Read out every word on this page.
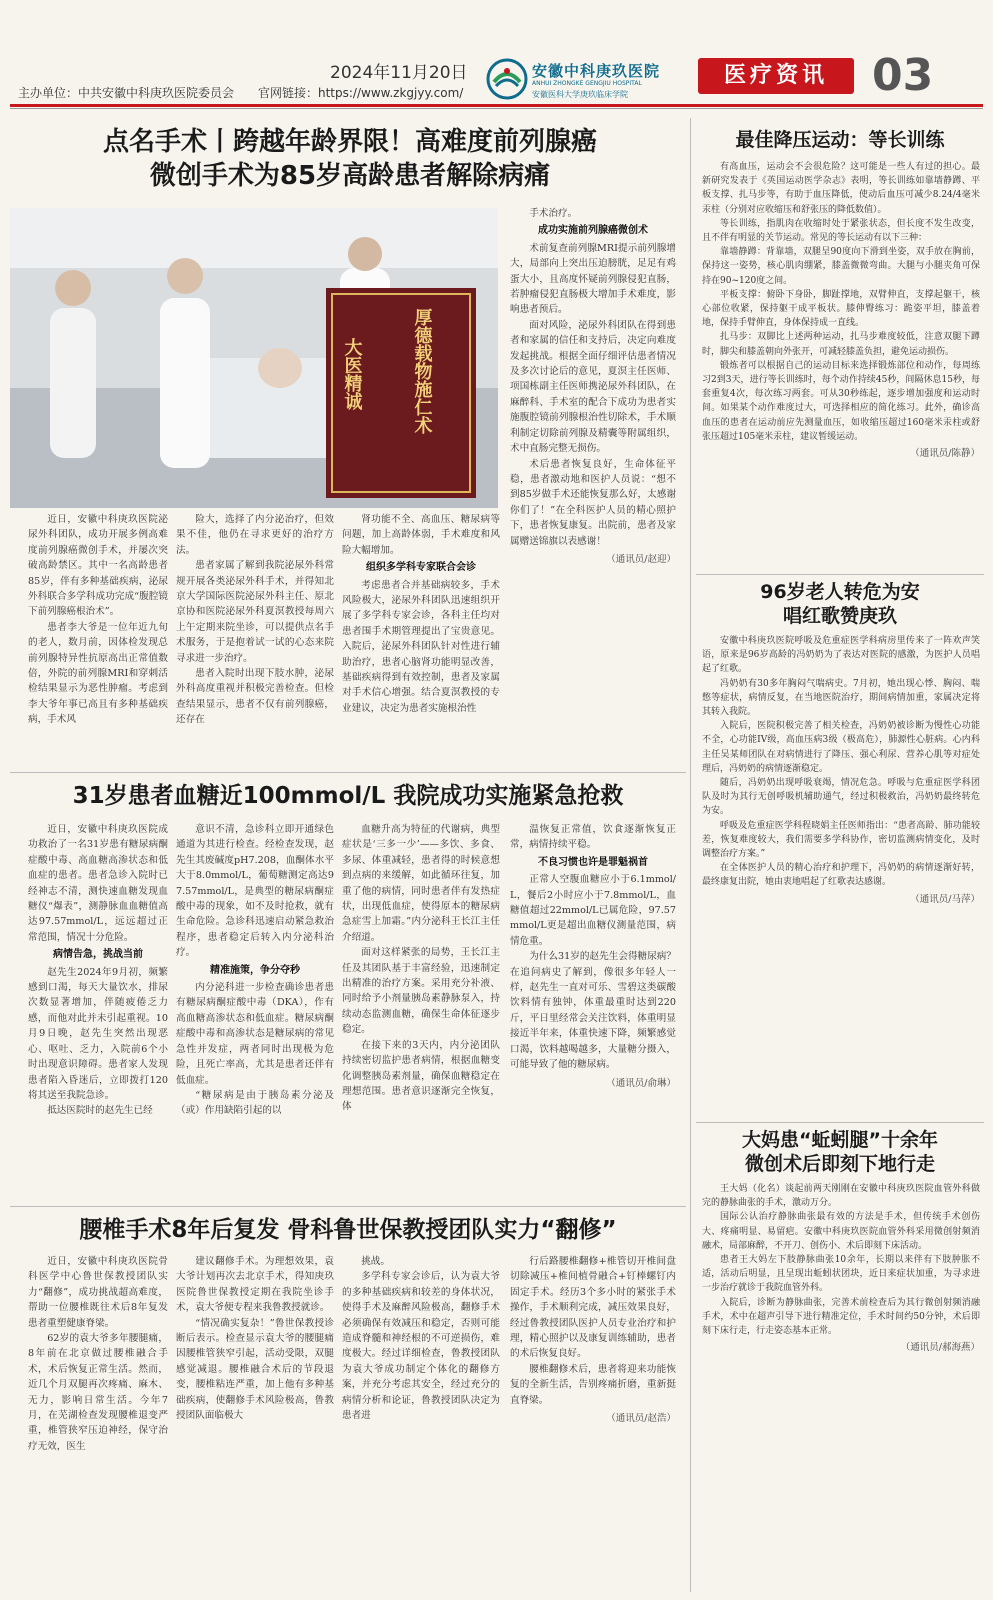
2024年11月20日
主办单位：中共安徽中科庚玖医院委员会 官网链接：https://www.zkgjyy.com/
安徽中科庚玖医院
ANHUI ZHONGKE GENGJIU HOSPITAL
安徽医科大学庚玖临床学院
医疗资讯	03
点名手术丨跨越年龄界限！高难度前列腺癌
微创手术为85岁高龄患者解除病痛
大医精诚	厚德载物施仁术

近日，安徽中科庚玖医院泌尿外科团队，成功开展多例高难度前列腺癌微创手术，并屡次突破高龄禁区。其中一名高龄患者85岁，伴有多种基础疾病，泌尿外科联合多学科成功完成“腹腔镜下前列腺癌根治术”。

患者李大爷是一位年近九旬的老人，数月前，因体检发现总前列腺特异性抗原高出正常值数倍，外院的前列腺MRI和穿刺活检结果显示为恶性肿瘤。考虑到李大爷年事已高且有多种基础疾病，手术风

险大，选择了内分泌治疗，但效果不佳，他仍在寻求更好的治疗方法。

患者家属了解到我院泌尿外科常规开展各类泌尿外科手术，并得知北京大学国际医院泌尿外科主任、原北京协和医院泌尿外科夏溟教授每周六上午定期来院坐诊，可以提供点名手术服务，于是抱着试一试的心态来院寻求进一步治疗。

患者入院时出现下肢水肿，泌尿外科高度重视并积极完善检查。但检查结果显示，患者不仅有前列腺癌，还存在

肾功能不全、高血压、糖尿病等问题，加上高龄体弱，手术难度和风险大幅增加。

组织多学科专家联合会诊

考虑患者合并基础病较多，手术风险极大，泌尿外科团队迅速组织开展了多学科专家会诊，各科主任均对患者围手术期管理提出了宝贵意见。入院后，泌尿外科团队针对性进行辅助治疗，患者心脑肾功能明显改善，基础疾病得到有效控制，患者及家属对手术信心增强。结合夏溟教授的专业建议，决定为患者实施根治性

手术治疗。

成功实施前列腺癌微创术

术前复查前列腺MRI提示前列腺增大，局部向上突出压迫膀胱，足足有鸡蛋大小，且高度怀疑前列腺侵犯直肠，若肿瘤侵犯直肠极大增加手术难度，影响患者预后。

面对风险，泌尿外科团队在得到患者和家属的信任和支持后，决定向难度发起挑战。根据全面仔细评估患者情况及多次讨论后的意见，夏溟主任医师、项国栋副主任医师携泌尿外科团队，在麻醉科、手术室的配合下成功为患者实施腹腔镜前列腺根治性切除术，手术顺利制定切除前列腺及精囊等附属组织，术中直肠完整无损伤。

术后患者恢复良好，生命体征平稳，患者激动地和医护人员说：“想不到85岁做手术还能恢复那么好，太感谢你们了！”在全科医护人员的精心照护下，患者恢复康复。出院前，患者及家属赠送锦旗以表感谢！

（通讯员/赵迎）

31岁患者血糖近100mmol/L 我院成功实施紧急抢救

近日，安徽中科庚玖医院成功救治了一名31岁患有糖尿病酮症酸中毒、高血糖高渗状态和低血症的患者。患者急诊入院时已经神志不清，测快速血糖发现血糖仪“爆表”，测静脉血血糖值高达97.57mmol/L，远远超过正常范围，情况十分危险。

病情告急，挑战当前

赵先生2024年9月初，频繁感到口渴，每天大量饮水，排尿次数显著增加，伴随疲倦乏力感，而他对此并未引起重视。10月9日晚，赵先生突然出现恶心、呕吐、乏力，入院前6个小时出现意识障碍。患者家人发现患者陷入昏迷后，立即拨打120将其送至我院急诊。

抵达医院时的赵先生已经

意识不清，急诊科立即开通绿色通道为其进行检查。经检查发现，赵先生其废碱度pH7.208，血酮体水平大于8.0mmol/L，葡萄糖测定高达97.57mmol/L，是典型的糖尿病酮症酸中毒的现象，如不及时抢救，就有生命危险。急诊科迅速启动紧急救治程序，患者稳定后转入内分泌科治疗。

精准施策，争分夺秒

内分泌科进一步检查确诊患者患有糖尿病酮症酸中毒（DKA），作有高血糖高渗状态和低血症。糖尿病酮症酸中毒和高渗状态是糖尿病的常见急性并发症，两者同时出现极为危险，且死亡率高，尤其是患者还伴有低血症。

“糖尿病是由于胰岛素分泌及（或）作用缺陷引起的以

血糖升高为特征的代谢病，典型症状是‘三多一少’——多饮、多食、多尿、体重减轻，患者得的时候意想到点病的来缓解，如此循环往复，加重了他的病情，同时患者伴有发热症状，出现低血症，使得原本的糖尿病急症雪上加霜。”内分泌科王长江主任介绍道。

面对这样紧张的局势，王长江主任及其团队基于丰富经验，迅速制定出精准的治疗方案。采用充分补液、同时给予小剂量胰岛素静脉泵入，持续动态监测血糖，确保生命体征逐步稳定。

在接下来的3天内，内分泌团队持续密切监护患者病情，根据血糖变化调整胰岛素剂量，确保血糖稳定在理想范围。患者意识逐渐完全恢复，体

温恢复正常值，饮食逐渐恢复正常，病情持续平稳。

不良习惯也许是罪魁祸首

正常人空腹血糖应小于6.1mmol/L，餐后2小时应小于7.8mmol/L，血糖值超过22mmol/L已属危险，97.57mmol/L更是超出血糖仪测量范围，病情危重。

为什么31岁的赵先生会得糖尿病？在追问病史了解到，像很多年轻人一样，赵先生一直对可乐、雪碧这类碳酸饮料情有独钟，体重最重时达到220斤，平日里经常会关注饮料，体重明显接近半年来，体重快速下降，频繁感觉口渴，饮料越喝越多，大量糖分摄入，可能导致了他的糖尿病。

（通讯员/俞琳）

腰椎手术8年后复发 骨科鲁世保教授团队实力“翻修”

近日，安徽中科庚玖医院骨科医学中心鲁世保教授团队实力“翻修”，成功挑战超高难度，帮助一位腰椎既往术后8年复发患者重塑健康脊梁。

62岁的袁大爷多年腰腿痛，8年前在北京做过腰椎融合手术，术后恢复正常生活。然而，近几个月双腿再次疼痛、麻木、无力，影响日常生活。今年7月，在芜湖检查发现腰椎退变严重，椎管狭窄压迫神经，保守治疗无效，医生

建议翻修手术。为理想效果，袁大爷计划再次去北京手术，得知庚玖医院鲁世保教授定期在我院坐诊手术，袁大爷便专程来我鲁教授就诊。

“情况确实复杂！”鲁世保教授诊断后表示。检查显示袁大爷的腰腿痛因腰椎管狭窄引起，活动受限，双腿感觉减退。腰椎融合术后的节段退变，腰椎粘连严重，加上他有多种基础疾病，使翻修手术风险极高，鲁教授团队面临极大

挑战。

多学科专家会诊后，认为袁大爷的多种基础疾病和较差的身体状况，使得手术及麻醉风险极高，翻修手术必须确保有效减压和稳定，否则可能造成脊髓和神经根的不可逆损伤，难度极大。经过详细检查，鲁教授团队为袁大爷成功制定个体化的翻修方案，并充分考虑其安全，经过充分的病情分析和论证，鲁教授团队决定为患者进

行后路腰椎翻修+椎管切开椎间盘切除减压+椎间植骨融合+钉棒螺钉内固定手术。经历3个多小时的紧张手术操作，手术顺利完成，减压效果良好，经过鲁教授团队医护人员专业治疗和护理，精心照护以及康复训练辅助，患者的术后恢复良好。

腰椎翻修术后，患者将迎来功能恢复的全新生活，告别疼痛折磨，重新挺直脊梁。

（通讯员/赵浩）

最佳降压运动：等长训练

有高血压，运动会不会很危险？这可能是一些人有过的担心。最新研究发表于《英国运动医学杂志》表明，等长训练如靠墙静蹲、平板支撑、扎马步等，有助于血压降低，使动后血压可减少8.24/4毫米汞柱（分别对应收缩压和舒张压的降低数值）。

等长训练，指肌肉在收缩时处于紧张状态，但长度不发生改变，且不伴有明显的关节运动。常见的等长运动有以下三种：

靠墙静蹲：背靠墙，双腿呈90度向下滑到坐姿，双手放在胸前，保持这一姿势，核心肌肉绷紧，膝盖微微弯曲。大腿与小腿夹角可保持在90~120度之间。

平板支撑：俯卧下身卧，脚趾撑地，双臂伸直，支撑起躯干，核心部位收紧，保持躯干成平板状。膝伸臀练习：跪姿平坦，膝盖着地，保持手臂伸直，身体保持成一直线。

扎马步：双脚比上述两种运动，扎马步难度较低，注意双腿下蹲时，脚尖和膝盖朝向外张开，可减轻膝盖负担，避免运动损伤。

锻炼者可以根据自己的运动目标来选择锻炼部位和动作，每周练习2到3天，进行等长训练时，每个动作持续45秒，间隔休息15秒，每套重复4次，每次练习两套。可从30秒练起，逐步增加强度和运动时间。如果某个动作难度过大，可选择相应的简化练习。此外，确诊高血压的患者在运动前应先测量血压，如收缩压超过160毫米汞柱或舒张压超过105毫米汞柱，建议暂缓运动。

（通讯员/陈静）

96岁老人转危为安
唱红歌赞庚玖

安徽中科庚玖医院呼吸及危重症医学科病房里传来了一阵欢声笑语，原来是96岁高龄的冯奶奶为了表达对医院的感激，为医护人员唱起了红歌。

冯奶奶有30多年胸闷气喘病史。7月初，她出现心悸、胸闷、喘憋等症状，病情反复，在当地医院治疗，期间病情加重，家属决定将其转入我院。

入院后，医院积极完善了相关检查，冯奶奶被诊断为慢性心功能不全，心功能IV级，高血压病3级（极高危），肺源性心脏病。心内科主任吴某师团队在对病情进行了降压、强心利尿、营养心肌等对症处理后，冯奶奶的病情逐渐稳定。

随后，冯奶奶出现呼吸衰竭，情况危急。呼吸与危重症医学科团队及时为其行无创呼吸机辅助通气，经过积极救治，冯奶奶最终转危为安。

呼吸及危重症医学科程晓娟主任医师指出：“患者高龄、肺功能较差，恢复难度较大，我们需要多学科协作，密切监测病情变化，及时调整治疗方案。”

在全体医护人员的精心治疗和护理下，冯奶奶的病情逐渐好转，最终康复出院，她由衷地唱起了红歌表达感谢。

（通讯员/马萍）

大妈患“蚯蚓腿”十余年
微创术后即刻下地行走

王大妈（化名）谈起前两天刚刚在安徽中科庚玖医院血管外科做完的静脉曲张的手术，激动万分。

国际公认治疗静脉曲张最有效的方法是手术，但传统手术创伤大、疼痛明显、易留疤。安徽中科庚玖医院血管外科采用微创射频消融术，局部麻醉，不开刀、创伤小、术后即刻下床活动。

患者王大妈左下肢静脉曲张10余年，长期以来伴有下肢肿胀不适，活动后明显，且呈现出蚯蚓状团块，近日来症状加重，为寻求进一步治疗就诊于我院血管外科。

入院后，诊断为静脉曲张，完善术前检查后为其行微创射频消融手术，术中在超声引导下进行精准定位，手术时间约50分钟，术后即刻下床行走，行走姿态基本正常。

（通讯员/郝海燕）
